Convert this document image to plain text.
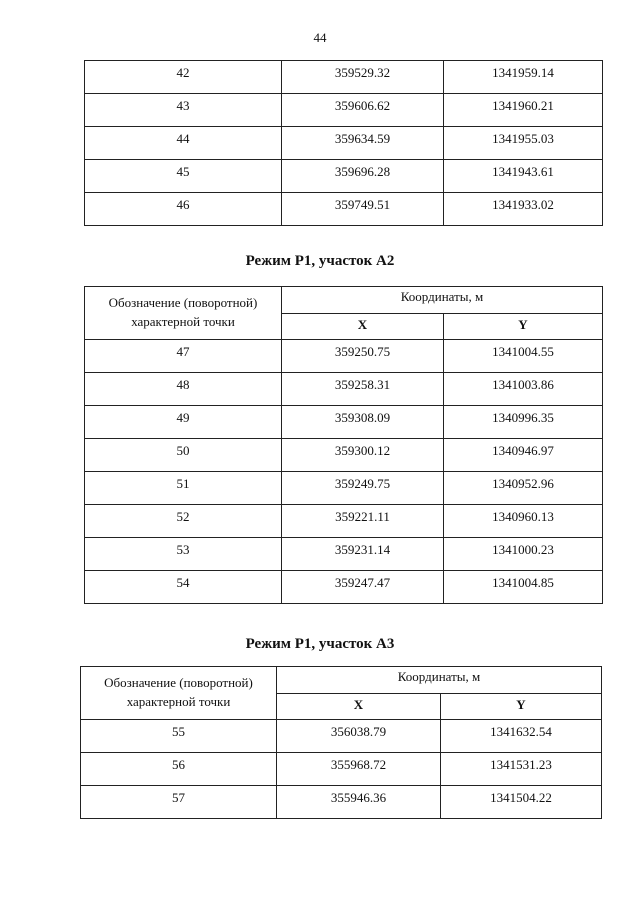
44
42	359529.32	1341959.14
43	359606.62	1341960.21
44	359634.59	1341955.03
45	359696.28	1341943.61
46	359749.51	1341933.02
Режим P1, участок А2
Обозначение (поворотной) характерной точки	Координаты, м	
	X	Y
47	359250.75	1341004.55
48	359258.31	1341003.86
49	359308.09	1340996.35
50	359300.12	1340946.97
51	359249.75	1340952.96
52	359221.11	1340960.13
53	359231.14	1341000.23
54	359247.47	1341004.85
Режим P1, участок А3
Обозначение (поворотной) характерной точки	Координаты, м	
	X	Y
55	356038.79	1341632.54
56	355968.72	1341531.23
57	355946.36	1341504.22
